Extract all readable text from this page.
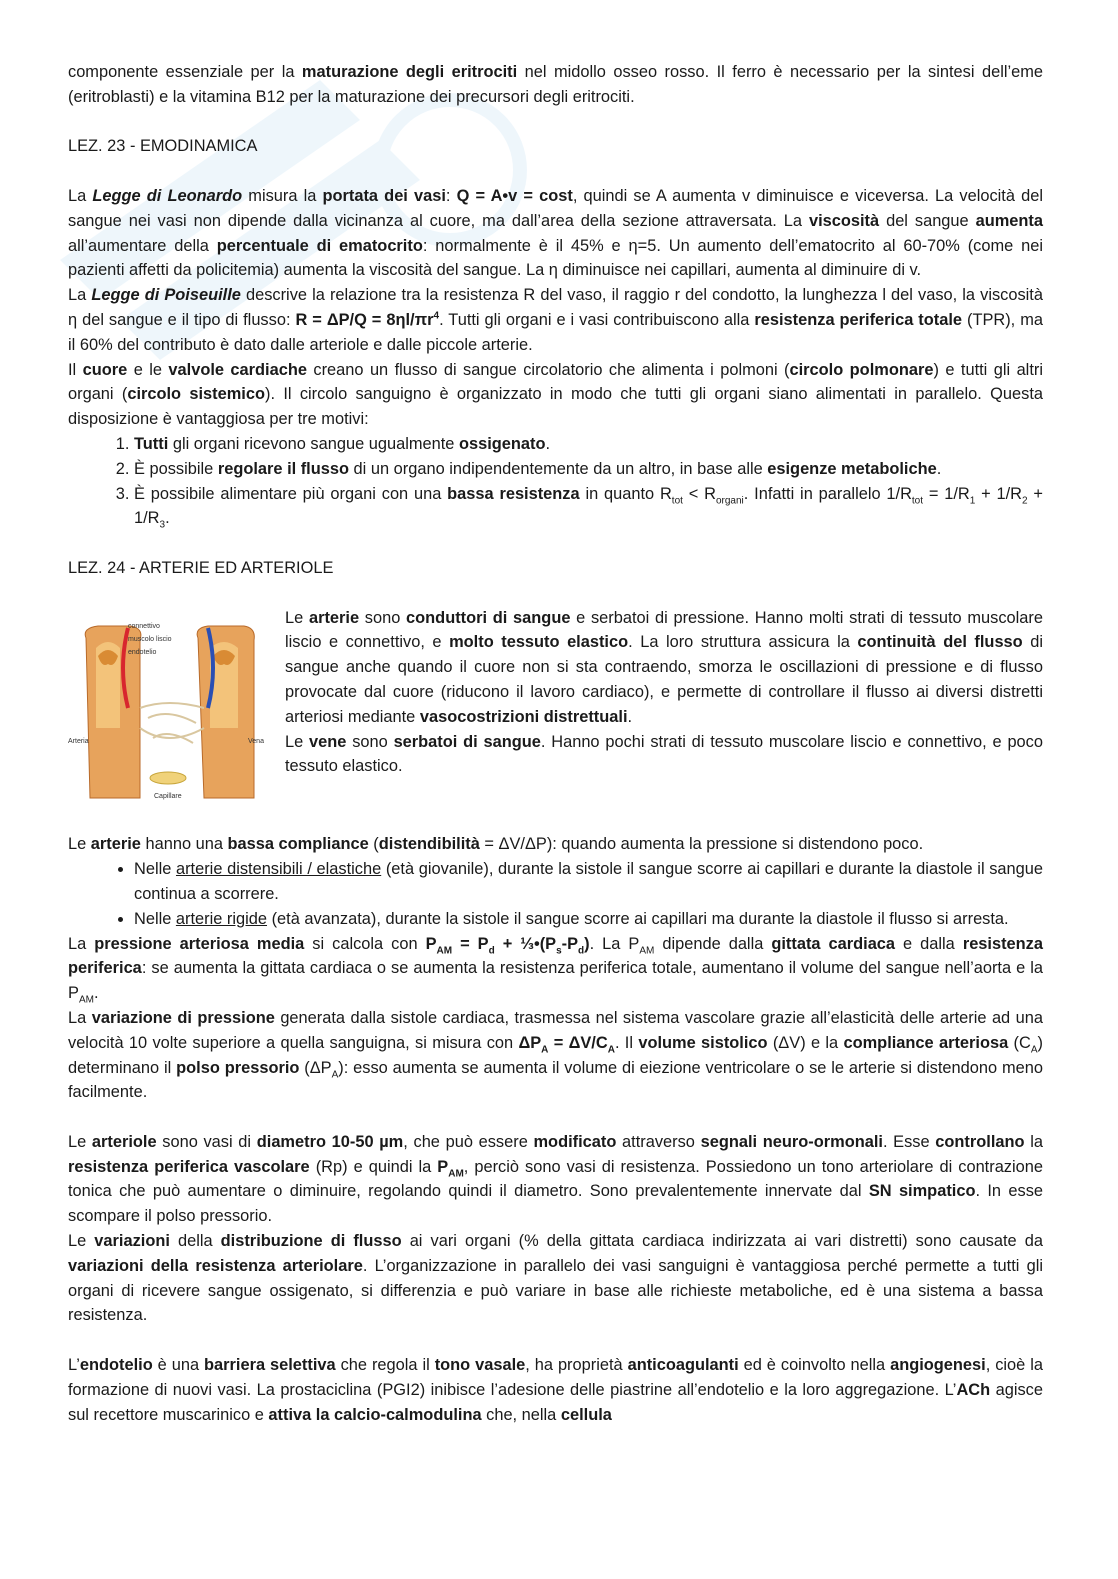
componente essenziale per la maturazione degli eritrociti nel midollo osseo rosso. Il ferro è necessario per la sintesi dell’eme (eritroblasti) e la vitamina B12 per la maturazione dei precursori degli eritrociti.

LEZ. 23 - EMODINAMICA

La Legge di Leonardo misura la portata dei vasi: Q = A•v = cost, quindi se A aumenta v diminuisce e viceversa. La velocità del sangue nei vasi non dipende dalla vicinanza al cuore, ma dall’area della sezione attraversata. La viscosità del sangue aumenta all’aumentare della percentuale di ematocrito: normalmente è il 45% e η=5. Un aumento dell’ematocrito al 60-70% (come nei pazienti affetti da policitemia) aumenta la viscosità del sangue. La η diminuisce nei capillari, aumenta al diminuire di v.

La Legge di Poiseuille descrive la relazione tra la resistenza R del vaso, il raggio r del condotto, la lunghezza l del vaso, la viscosità η del sangue e il tipo di flusso: $R = \Delta P/Q = 8\eta l/\pi r^4$. Tutti gli organi e i vasi contribuiscono alla resistenza periferica totale (TPR), ma il 60% del contributo è dato dalle arteriole e dalle piccole arterie.

Il cuore e le valvole cardiache creano un flusso di sangue circolatorio che alimenta i polmoni (circolo polmonare) e tutti gli altri organi (circolo sistemico). Il circolo sanguigno è organizzato in modo che tutti gli organi siano alimentati in parallelo. Questa disposizione è vantaggiosa per tre motivi:

1. Tutti gli organi ricevono sangue ugualmente ossigenato.
2. È possibile regolare il flusso di un organo indipendentemente da un altro, in base alle esigenze metaboliche.
3. È possibile alimentare più organi con una bassa resistenza in quanto $R_{tot} < R_{organi}$. Infatti in parallelo $1/R_{tot} = 1/R_1 + 1/R_2 + 1/R_3$.

LEZ. 24 - ARTERIE ED ARTERIOLE

connettivo
muscolo liscio
endotelio
Arteria	Vena
Capillare

Le arterie sono conduttori di sangue e serbatoi di pressione. Hanno molti strati di tessuto muscolare liscio e connettivo, e molto tessuto elastico. La loro struttura assicura la continuità del flusso di sangue anche quando il cuore non si sta contraendo, smorza le oscillazioni di pressione e di flusso provocate dal cuore (riducono il lavoro cardiaco), e permette di controllare il flusso ai diversi distretti arteriosi mediante vasocostrizioni distrettuali.

Le vene sono serbatoi di sangue. Hanno pochi strati di tessuto muscolare liscio e connettivo, e poco tessuto elastico.

Le arterie hanno una bassa compliance (distendibilità = ΔV/ΔP): quando aumenta la pressione si distendono poco.

• Nelle arterie distensibili / elastiche (età giovanile), durante la sistole il sangue scorre ai capillari e durante la diastole il sangue continua a scorrere.
• Nelle arterie rigide (età avanzata), durante la sistole il sangue scorre ai capillari ma durante la diastole il flusso si arresta.

La pressione arteriosa media si calcola con $P_{AM} = P_d$ + $\frac{1}{3}•(P_s-P_d)$. La $P_{AM}$ dipende dalla gittata cardiaca e dalla resistenza periferica: se aumenta la gittata cardiaca o se aumenta la resistenza periferica totale, aumentano il volume del sangue nell’aorta e la $P_{AM}$.

La variazione di pressione generata dalla sistole cardiaca, trasmessa nel sistema vascolare grazie all’elasticità delle arterie ad una velocità 10 volte superiore a quella sanguigna, si misura con $\Delta P_A = \Delta V/C_A$. Il volume sistolico (ΔV) e la compliance arteriosa $(C_A)$ determinano il polso pressorio $(\Delta P_A)$: esso aumenta se aumenta il volume di eiezione ventricolare o se le arterie si distendono meno facilmente.

Le arteriole sono vasi di diametro 10-50 µm, che può essere modificato attraverso segnali neuro-ormonali. Esse controllano la resistenza periferica vascolare (Rp) e quindi la $P_{AM}$, perciò sono vasi di resistenza. Possiedono un tono arteriolare di contrazione tonica che può aumentare o diminuire, regolando quindi il diametro. Sono prevalentemente innervate dal SN simpatico. In esse scompare il polso pressorio.

Le variazioni della distribuzione di flusso ai vari organi (% della gittata cardiaca indirizzata ai vari distretti) sono causate da variazioni della resistenza arteriolare. L’organizzazione in parallelo dei vasi sanguigni è vantaggiosa perché permette a tutti gli organi di ricevere sangue ossigenato, si differenzia e può variare in base alle richieste metaboliche, ed è una sistema a bassa resistenza.

L’endotelio è una barriera selettiva che regola il tono vasale, ha proprietà anticoagulanti ed è coinvolto nella angiogenesi, cioè la formazione di nuovi vasi. La prostaciclina (PGI2) inibisce l’adesione delle piastrine all’endotelio e la loro aggregazione. L’ACh agisce sul recettore muscarinico e attiva la calcio-calmodulina che, nella cellula
